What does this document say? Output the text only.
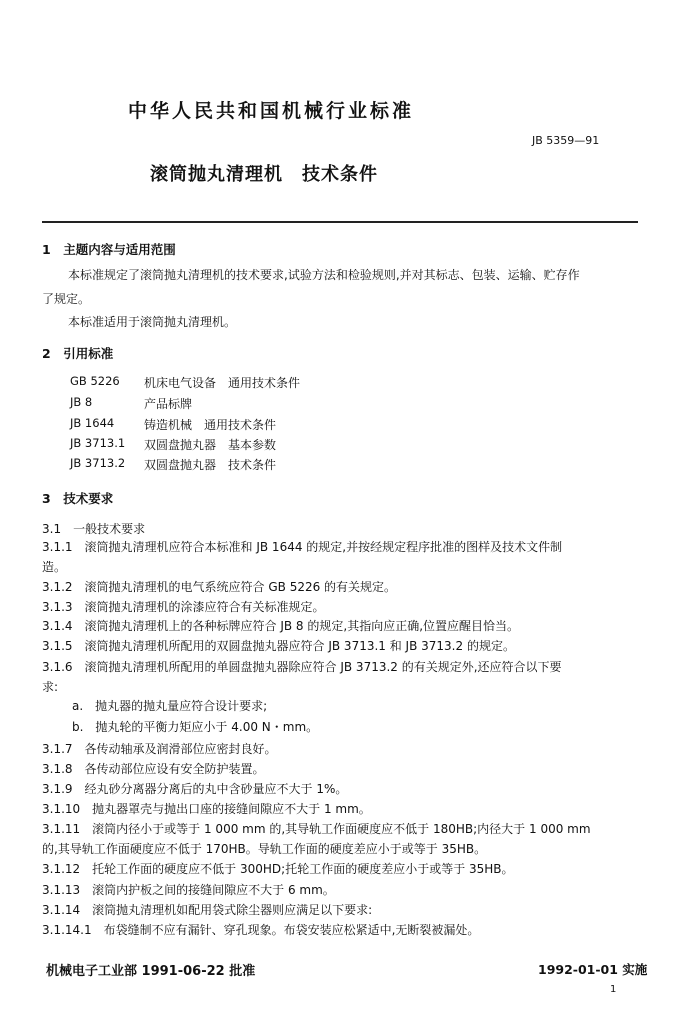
中华人民共和国机械行业标准
JB 5359—91
滚筒抛丸清理机　技术条件
1　主题内容与适用范围
本标准规定了滚筒抛丸清理机的技术要求,试验方法和检验规则,并对其标志、包装、运输、贮存作
了规定。
本标准适用于滚筒抛丸清理机。
2　引用标准
GB 5226 机床电气设备　通用技术条件
JB 8	产品标牌
JB 1644 铸造机械　通用技术条件
JB 3713.1 双圆盘抛丸器　基本参数
JB 3713.2 双圆盘抛丸器　技术条件
3　技术要求
3.1　一般技术要求
3.1.1　滚筒抛丸清理机应符合本标准和 JB 1644 的规定,并按经规定程序批准的图样及技术文件制
造。
3.1.2　滚筒抛丸清理机的电气系统应符合 GB 5226 的有关规定。
3.1.3　滚筒抛丸清理机的涂漆应符合有关标准规定。
3.1.4　滚筒抛丸清理机上的各种标牌应符合 JB 8 的规定,其指向应正确,位置应醒目恰当。
3.1.5　滚筒抛丸清理机所配用的双圆盘抛丸器应符合 JB 3713.1 和 JB 3713.2 的规定。
3.1.6　滚筒抛丸清理机所配用的单圆盘抛丸器除应符合 JB 3713.2 的有关规定外,还应符合以下要
求:
a.　抛丸器的抛丸量应符合设计要求;
b.　抛丸轮的平衡力矩应小于 4.00 N・mm。
3.1.7　各传动轴承及润滑部位应密封良好。
3.1.8　各传动部位应设有安全防护装置。
3.1.9　经丸砂分离器分离后的丸中含砂量应不大于 1%。
3.1.10　抛丸器罩壳与抛出口座的接缝间隙应不大于 1 mm。
3.1.11　滚筒内径小于或等于 1 000 mm 的,其导轨工作面硬度应不低于 180HB;内径大于 1 000 mm
的,其导轨工作面硬度应不低于 170HB。导轨工作面的硬度差应小于或等于 35HB。
3.1.12　托轮工作面的硬度应不低于 300HD;托轮工作面的硬度差应小于或等于 35HB。
3.1.13　滚筒内护板之间的接缝间隙应不大于 6 mm。
3.1.14　滚筒抛丸清理机如配用袋式除尘器则应满足以下要求:
3.1.14.1　布袋缝制不应有漏针、穿孔现象。布袋安装应松紧适中,无断裂被漏处。
机械电子工业部 1991-06-22 批准	1992-01-01 实施
1
